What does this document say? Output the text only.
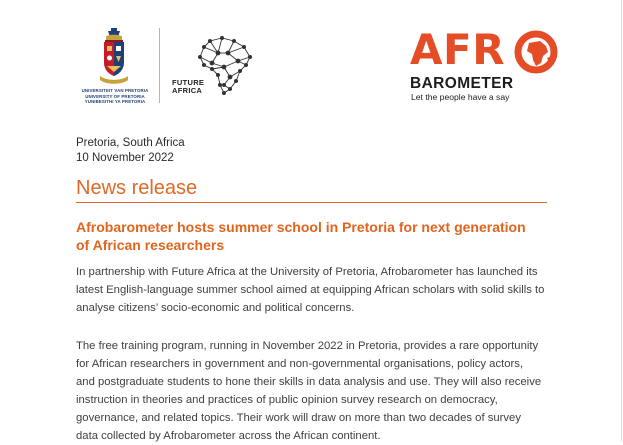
UNIVERSITEIT VAN PRETORIA
UNIVERSITY OF PRETORIA
YUNIBESITHI YA PRETORIA
FUTURE
AFRICA
AFR
BAROMETER
Let the people have a say
Pretoria, South Africa
10 November 2022
News release
Afrobarometer hosts summer school in Pretoria for next generation
of African researchers
In partnership with Future Africa at the University of Pretoria, Afrobarometer has launched its
latest English-language summer school aimed at equipping African scholars with solid skills to
analyse citizens’ socio-economic and political concerns.
The free training program, running in November 2022 in Pretoria, provides a rare opportunity
for African researchers in government and non-governmental organisations, policy actors,
and postgraduate students to hone their skills in data analysis and use. They will also receive
instruction in theories and practices of public opinion survey research on democracy,
governance, and related topics. Their work will draw on more than two decades of survey
data collected by Afrobarometer across the African continent.
